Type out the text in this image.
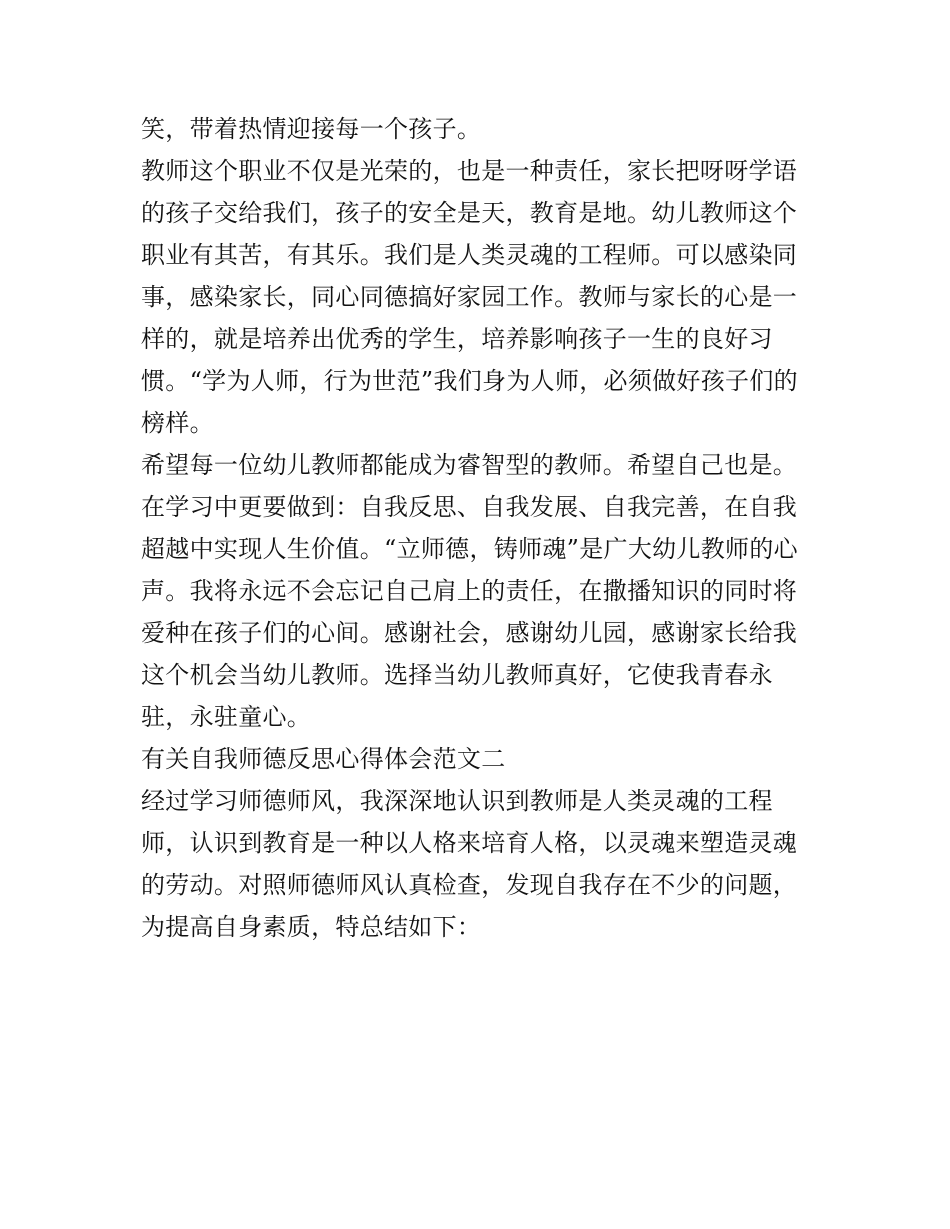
笑，带着热情迎接每一个孩子。
教师这个职业不仅是光荣的，也是一种责任，家长把呀呀学语
的孩子交给我们，孩子的安全是天，教育是地。幼儿教师这个
职业有其苦，有其乐。我们是人类灵魂的工程师。可以感染同
事，感染家长，同心同德搞好家园工作。教师与家长的心是一
样的，就是培养出优秀的学生，培养影响孩子一生的良好习
惯。“学为人师，行为世范”我们身为人师，必须做好孩子们的
榜样。
希望每一位幼儿教师都能成为睿智型的教师。希望自己也是。
在学习中更要做到：自我反思、自我发展、自我完善，在自我
超越中实现人生价值。“立师德，铸师魂”是广大幼儿教师的心
声。我将永远不会忘记自己肩上的责任，在撒播知识的同时将
爱种在孩子们的心间。感谢社会，感谢幼儿园，感谢家长给我
这个机会当幼儿教师。选择当幼儿教师真好，它使我青春永
驻，永驻童心。
有关自我师德反思心得体会范文二
经过学习师德师风，我深深地认识到教师是人类灵魂的工程
师，认识到教育是一种以人格来培育人格，以灵魂来塑造灵魂
的劳动。对照师德师风认真检查，发现自我存在不少的问题，
为提高自身素质，特总结如下：
